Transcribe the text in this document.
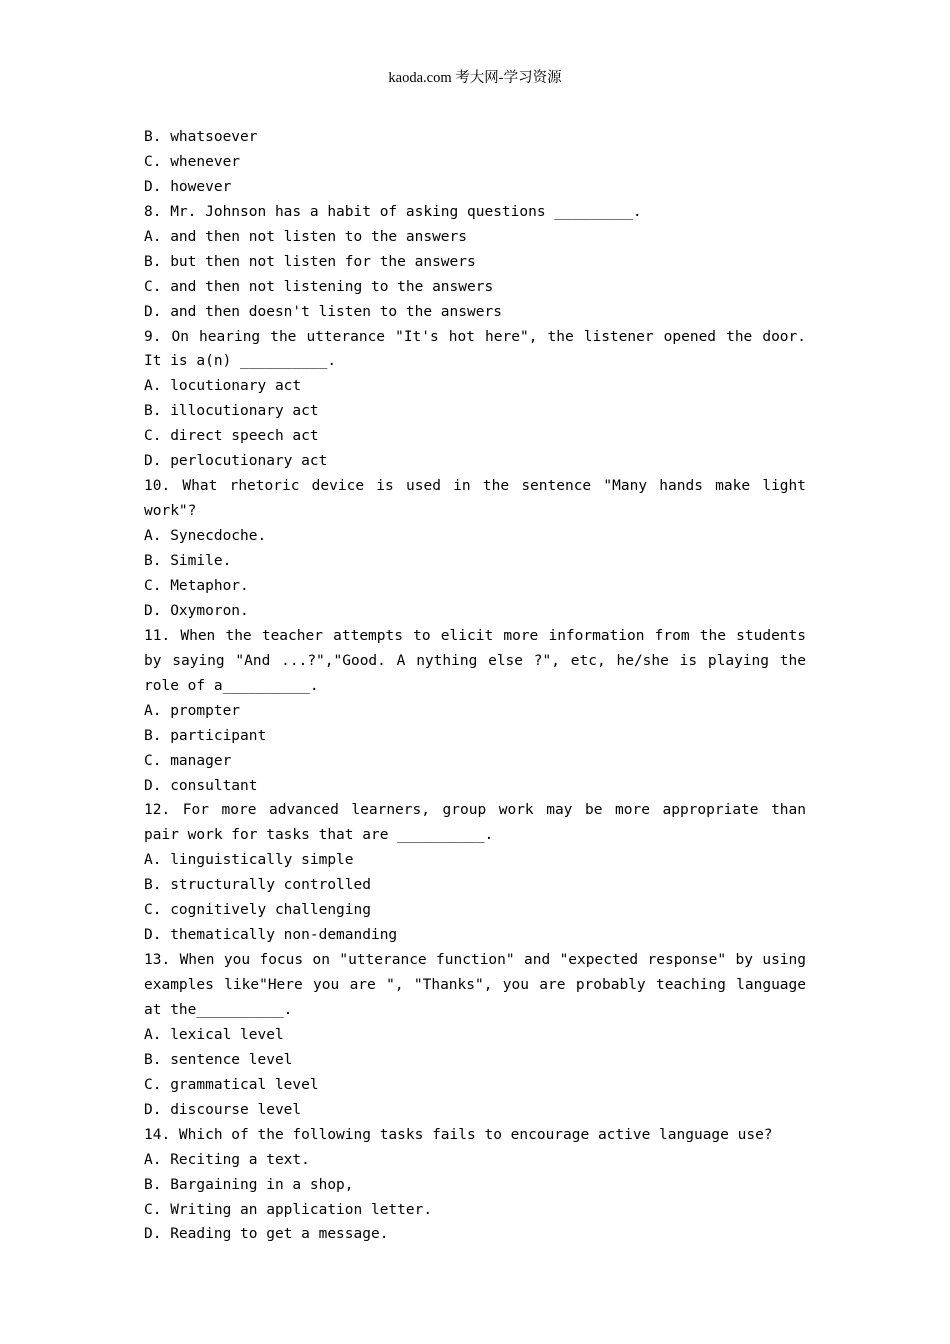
kaoda.com 考大网-学习资源
B. whatsoever
C. whenever
D. however
8. Mr. Johnson has a habit of asking questions _________.
A. and then not listen to the answers
B. but then not listen for the answers
C. and then not listening to the answers
D. and then doesn't listen to the answers
9. On hearing the utterance "It's hot here", the listener opened the door. It is a(n) __________.
A. locutionary act
B. illocutionary act
C. direct speech act
D. perlocutionary act
10. What rhetoric device is used in the sentence "Many hands make light work"?
A. Synecdoche.
B. Simile.
C. Metaphor.
D. Oxymoron.
11. When the teacher attempts to elicit more information from the students by saying "And ...?","Good. A nything else ?", etc, he/she is playing the role of a__________.
A. prompter
B. participant
C. manager
D. consultant
12. For more advanced learners, group work may be more appropriate than pair work for tasks that are __________.
A. linguistically simple
B. structurally controlled
C. cognitively challenging
D. thematically non-demanding
13. When you focus on "utterance function" and "expected response" by using examples like"Here you are ", "Thanks", you are probably teaching language at the__________.
A. lexical level
B. sentence level
C. grammatical level
D. discourse level
14. Which of the following tasks fails to encourage active language use?
A. Reciting a text.
B. Bargaining in a shop,
C. Writing an application letter.
D. Reading to get a message.
